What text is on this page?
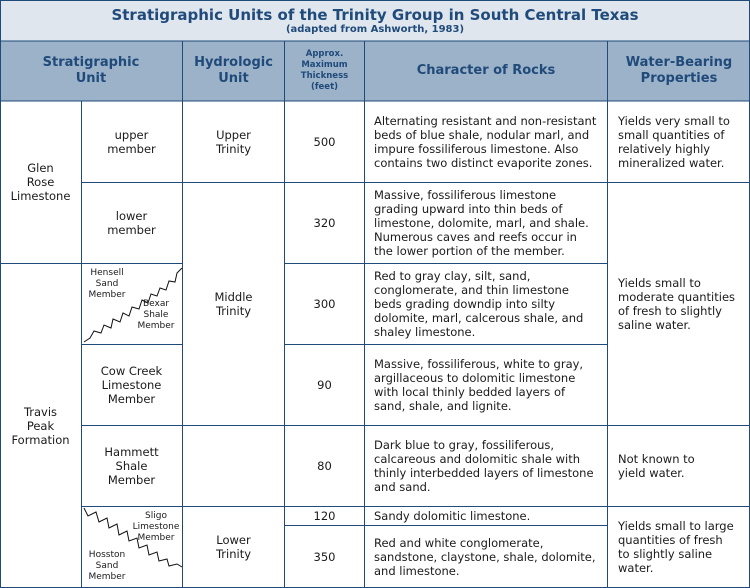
Stratigraphic Units of the Trinity Group in South Central Texas
(adapted from Ashworth, 1983)
Stratigraphic
Unit
Hydrologic
Unit
Approx.
Maximum
Thickness
(feet)
Character of Rocks
Water-Bearing
Properties
Glen
Rose
Limestone
Travis
Peak
Formation
upper
member
lower
member
Hensell
Sand
Member
Bexar
Shale
Member
Cow Creek
Limestone
Member
Hammett
Shale
Member
Sligo
Limestone
Member
Hosston
Sand
Member
Upper
Trinity
Middle
Trinity
Lower
Trinity
500
320
300
90
80
120
350
Alternating resistant and non-resistant
beds of blue shale, nodular marl, and
impure fossiliferous limestone. Also
contains two distinct evaporite zones.
Massive, fossiliferous limestone
grading upward into thin beds of
limestone, dolomite, marl, and shale.
Numerous caves and reefs occur in
the lower portion of the member.
Red to gray clay, silt, sand,
conglomerate, and thin limestone
beds grading downdip into silty
dolomite, marl, calcerous shale, and
shaley limestone.
Massive, fossiliferous, white to gray,
argillaceous to dolomitic limestone
with local thinly bedded layers of
sand, shale, and lignite.
Dark blue to gray, fossiliferous,
calcareous and dolomitic shale with
thinly interbedded layers of limestone
and sand.
Sandy dolomitic limestone.
Red and white conglomerate,
sandstone, claystone, shale, dolomite,
and limestone.
Yields very small to
small quantities of
relatively highly
mineralized water.
Yields small to
moderate quantities
of fresh to slightly
saline water.
Not known to
yield water.
Yields small to large
quantities of fresh
to slightly saline
water.
